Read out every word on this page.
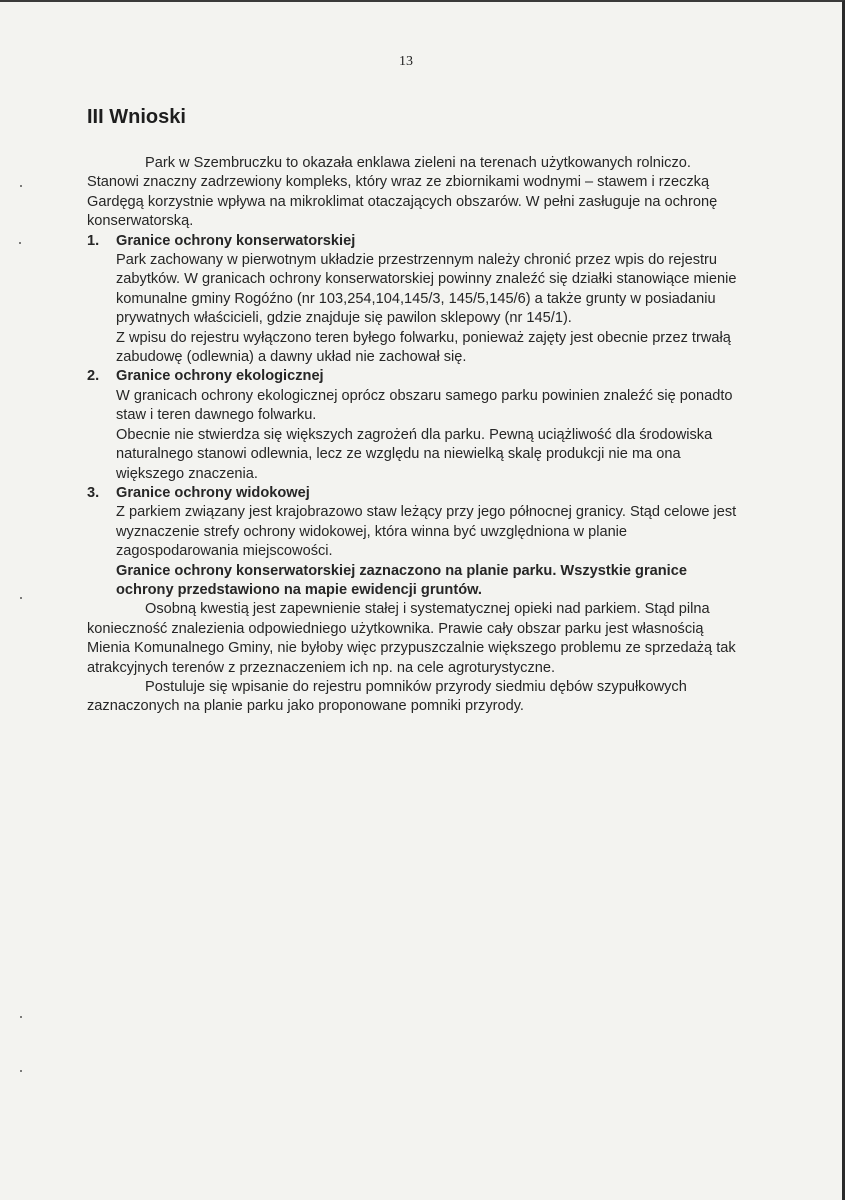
13
III Wnioski

Park w Szembruczku to okazała enklawa zieleni na terenach użytkowanych rolniczo. Stanowi znaczny zadrzewiony kompleks, który wraz ze zbiornikami wodnymi – stawem i rzeczką Gardęgą korzystnie wpływa na mikroklimat otaczających obszarów. W pełni zasługuje na ochronę konserwatorską.

1.	Granice ochrony konserwatorskiej

Park zachowany w pierwotnym układzie przestrzennym należy chronić przez wpis do rejestru zabytków. W granicach ochrony konserwatorskiej powinny znaleźć się działki stanowiące mienie komunalne gminy Rogóźno (nr 103,254,104,145/3, 145/5,145/6) a także grunty w posiadaniu prywatnych właścicieli, gdzie znajduje się pawilon sklepowy (nr 145/1).

Z wpisu do rejestru wyłączono teren byłego folwarku, ponieważ zajęty jest obecnie przez trwałą zabudowę (odlewnia) a dawny układ nie zachował się.

2.	Granice ochrony ekologicznej

W granicach ochrony ekologicznej oprócz obszaru samego parku powinien znaleźć się ponadto staw i teren dawnego folwarku.

Obecnie nie stwierdza się większych zagrożeń dla parku. Pewną uciążliwość dla środowiska naturalnego stanowi odlewnia, lecz ze względu na niewielką skalę produkcji nie ma ona większego znaczenia.

3.	Granice ochrony widokowej

Z parkiem związany jest krajobrazowo staw leżący przy jego północnej granicy. Stąd celowe jest wyznaczenie strefy ochrony widokowej, która winna być uwzględniona w planie zagospodarowania miejscowości.

Granice ochrony konserwatorskiej zaznaczono na planie parku. Wszystkie granice ochrony przedstawiono na mapie ewidencji gruntów.

Osobną kwestią jest zapewnienie stałej i systematycznej opieki nad parkiem. Stąd pilna konieczność znalezienia odpowiedniego użytkownika. Prawie cały obszar parku jest własnością Mienia Komunalnego Gminy, nie byłoby więc przypuszczalnie większego problemu ze sprzedażą tak atrakcyjnych terenów z przeznaczeniem ich np. na cele agroturystyczne.

Postuluje się wpisanie do rejestru pomników przyrody siedmiu dębów szypułkowych zaznaczonych na planie parku jako proponowane pomniki przyrody.
